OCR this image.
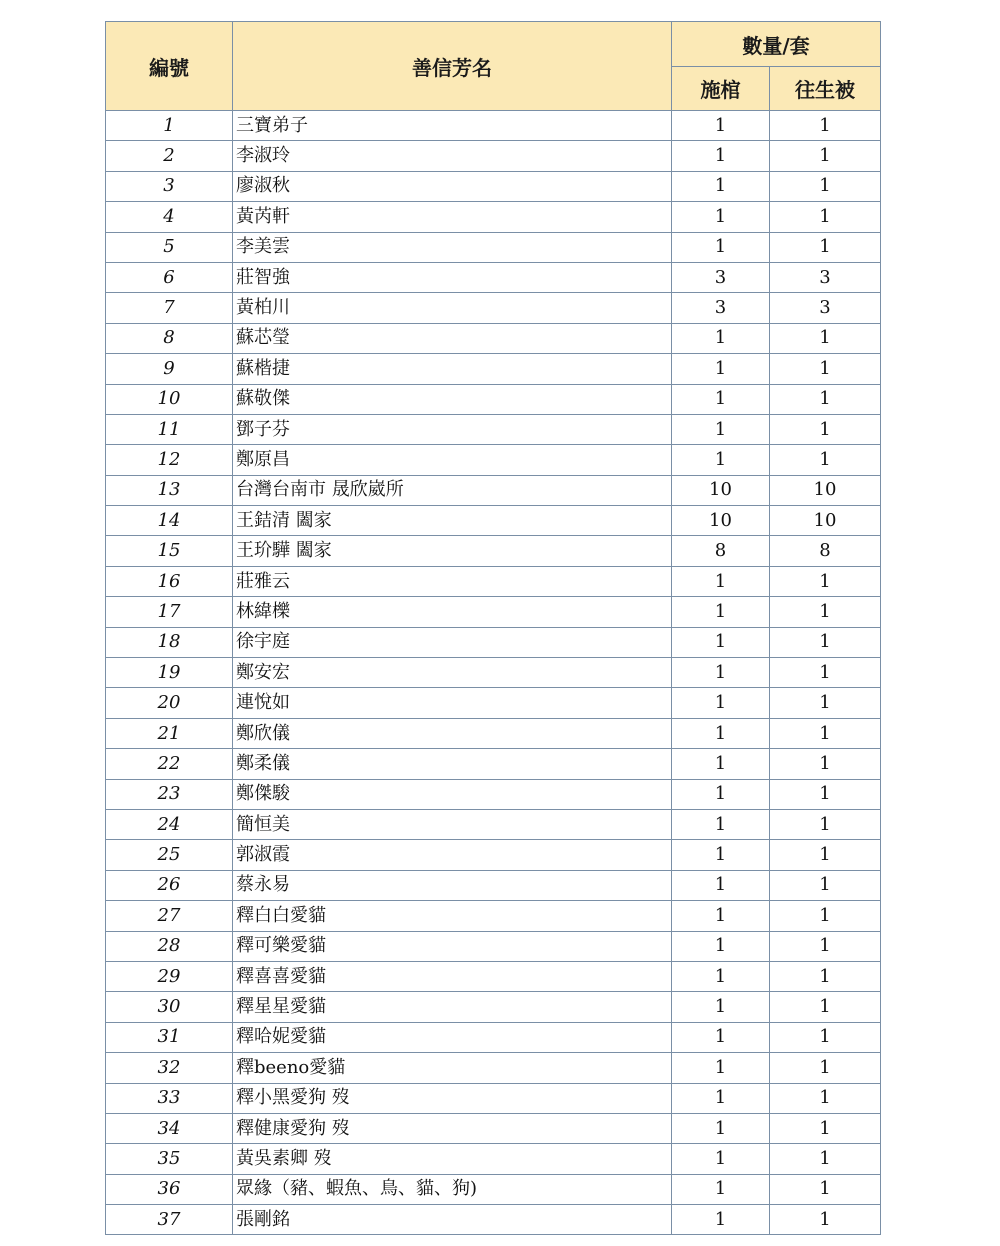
編號	善信芳名	數量/套	
		施棺	往生被
1	三寶弟子	1	1
2	李淑玲	1	1
3	廖淑秋	1	1
4	黃芮軒	1	1
5	李美雲	1	1
6	莊智強	3	3
7	黃柏川	3	3
8	蘇芯瑩	1	1
9	蘇楷捷	1	1
10	蘇敬傑	1	1
11	鄧子芬	1	1
12	鄭原昌	1	1
13	台灣台南市 晟欣崴所	10	10
14	王銡清 闔家	10	10
15	王玠驊 闔家	8	8
16	莊雅云	1	1
17	林緯櫟	1	1
18	徐宇庭	1	1
19	鄭安宏	1	1
20	連悅如	1	1
21	鄭欣儀	1	1
22	鄭柔儀	1	1
23	鄭傑駿	1	1
24	簡恒美	1	1
25	郭淑霞	1	1
26	蔡永易	1	1
27	釋白白愛貓	1	1
28	釋可樂愛貓	1	1
29	釋喜喜愛貓	1	1
30	釋星星愛貓	1	1
31	釋哈妮愛貓	1	1
32	釋beeno愛貓	1	1
33	釋小黑愛狗 歿	1	1
34	釋健康愛狗 歿	1	1
35	黃吳素卿 歿	1	1
36	眾緣（豬、蝦魚、鳥、貓、狗)	1	1
37	張剛銘	1	1
